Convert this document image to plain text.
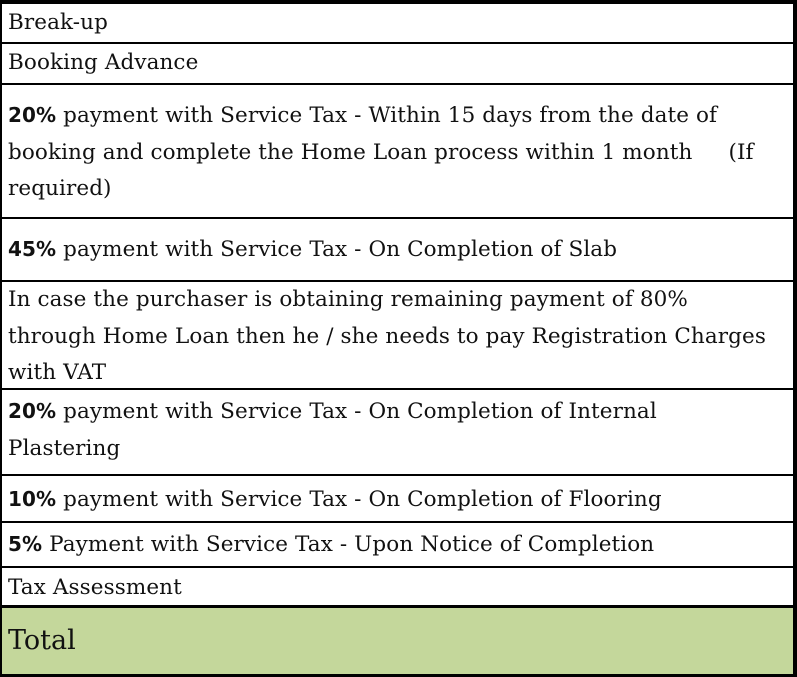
Break-up
Booking Advance
20% payment with Service Tax - Within 15 days from the date of
booking and complete the Home Loan process within 1 month (If
required)
45% payment with Service Tax - On Completion of Slab
In case the purchaser is obtaining remaining payment of 80%
through Home Loan then he / she needs to pay Registration Charges
with VAT
20% payment with Service Tax - On Completion of Internal
Plastering
10% payment with Service Tax - On Completion of Flooring
5% Payment with Service Tax - Upon Notice of Completion
Tax Assessment
Total
